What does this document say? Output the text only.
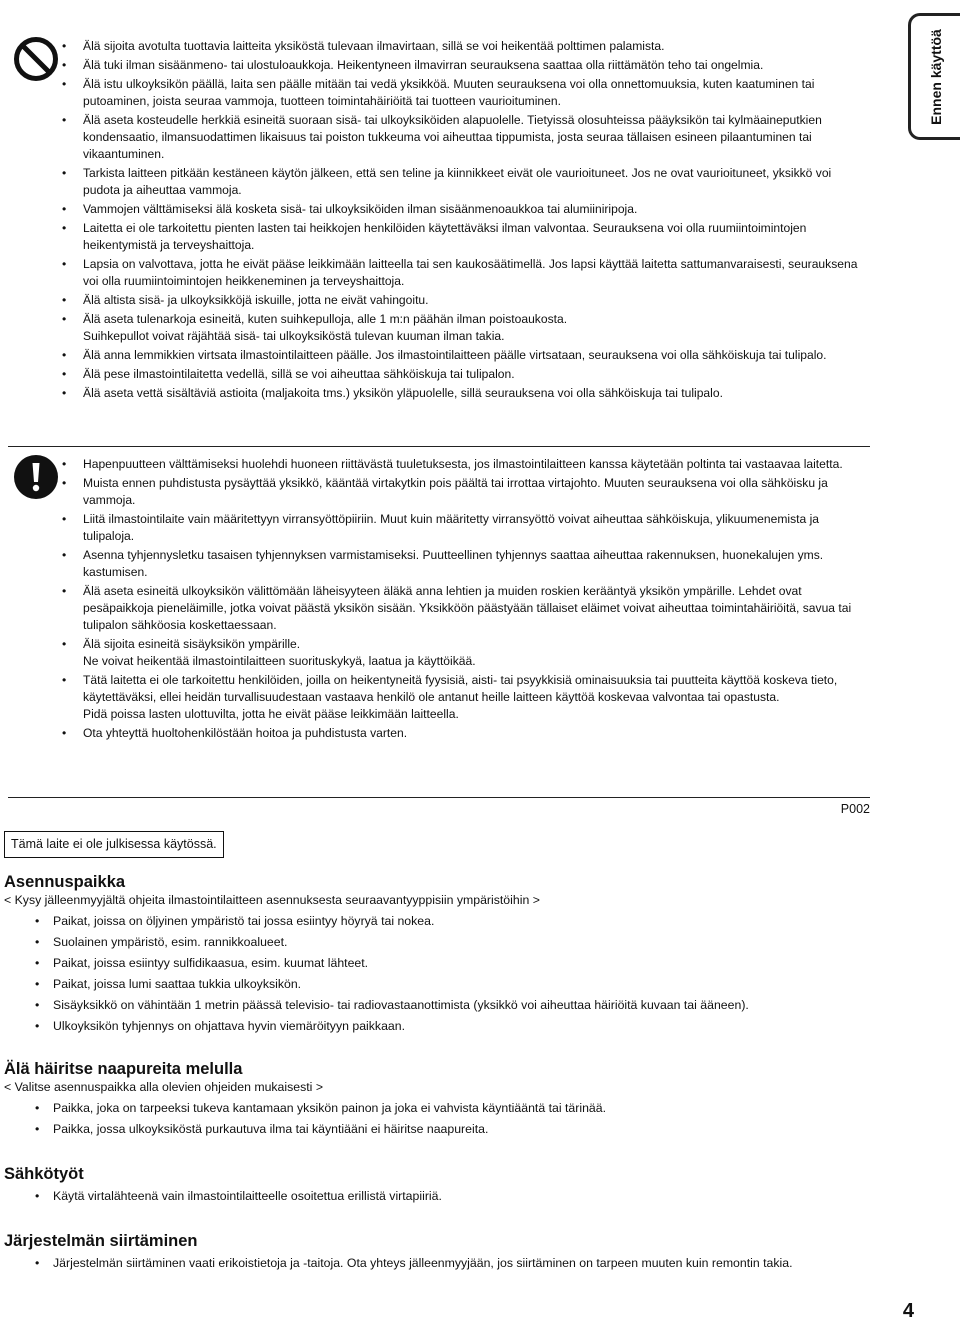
Ennen käyttöä
• Älä sijoita avotulta tuottavia laitteita yksiköstä tulevaan ilmavirtaan, sillä se voi heikentää polttimen palamista.
• Älä tuki ilman sisäänmeno- tai ulostuloaukkoja. Heikentyneen ilmavirran seurauksena saattaa olla riittämätön teho tai ongelmia.
• Älä istu ulkoyksikön päällä, laita sen päälle mitään tai vedä yksikköä. Muuten seurauksena voi olla onnettomuuksia, kuten kaatuminen tai putoaminen, joista seuraa vammoja, tuotteen toimintahäiriöitä tai tuotteen vaurioituminen.
• Älä aseta kosteudelle herkkiä esineitä suoraan sisä- tai ulkoyksiköiden alapuolelle. Tietyissä olosuhteissa pääyksikön tai kylmäaineputkien kondensaatio, ilmansuodattimen likaisuus tai poiston tukkeuma voi aiheuttaa tippumista, josta seuraa tällaisen esineen pilaantuminen tai vikaantuminen.
• Tarkista laitteen pitkään kestäneen käytön jälkeen, että sen teline ja kiinnikkeet eivät ole vaurioituneet. Jos ne ovat vaurioituneet, yksikkö voi pudota ja aiheuttaa vammoja.
• Vammojen välttämiseksi älä kosketa sisä- tai ulkoyksiköiden ilman sisäänmenoaukkoa tai alumiiniripoja.
• Laitetta ei ole tarkoitettu pienten lasten tai heikkojen henkilöiden käytettäväksi ilman valvontaa. Seurauksena voi olla ruumiintoimintojen heikentymistä ja terveyshaittoja.
• Lapsia on valvottava, jotta he eivät pääse leikkimään laitteella tai sen kaukosäätimellä. Jos lapsi käyttää laitetta sattumanvaraisesti, seurauksena voi olla ruumiintoimintojen heikkeneminen ja terveyshaittoja.
• Älä altista sisä- ja ulkoyksikköjä iskuille, jotta ne eivät vahingoitu.
• Älä aseta tulenarkoja esineitä, kuten suihkepulloja, alle 1 m:n päähän ilman poistoaukosta.
Suihkepullot voivat räjähtää sisä- tai ulkoyksiköstä tulevan kuuman ilman takia.
• Älä anna lemmikkien virtsata ilmastointilaitteen päälle. Jos ilmastointilaitteen päälle virtsataan, seurauksena voi olla sähköiskuja tai tulipalo.
• Älä pese ilmastointilaitetta vedellä, sillä se voi aiheuttaa sähköiskuja tai tulipalon.
• Älä aseta vettä sisältäviä astioita (maljakoita tms.) yksikön yläpuolelle, sillä seurauksena voi olla sähköiskuja tai tulipalo.
• Hapenpuutteen välttämiseksi huolehdi huoneen riittävästä tuuletuksesta, jos ilmastointilaitteen kanssa käytetään poltinta tai vastaavaa laitetta.
• Muista ennen puhdistusta pysäyttää yksikkö, kääntää virtakytkin pois päältä tai irrottaa virtajohto. Muuten seurauksena voi olla sähköisku ja vammoja.
• Liitä ilmastointilaite vain määritettyyn virransyöttöpiiriin. Muut kuin määritetty virransyöttö voivat aiheuttaa sähköiskuja, ylikuumenemista ja tulipaloja.
• Asenna tyhjennysletku tasaisen tyhjennyksen varmistamiseksi. Puutteellinen tyhjennys saattaa aiheuttaa rakennuksen, huonekalujen yms. kastumisen.
• Älä aseta esineitä ulkoyksikön välittömään läheisyyteen äläkä anna lehtien ja muiden roskien kerääntyä yksikön ympärille. Lehdet ovat pesäpaikkoja pieneläimille, jotka voivat päästä yksikön sisään. Yksikköön päästyään tällaiset eläimet voivat aiheuttaa toimintahäiriöitä, savua tai tulipalon sähköosia koskettaessaan.
• Älä sijoita esineitä sisäyksikön ympärille.
Ne voivat heikentää ilmastointilaitteen suorituskykyä, laatua ja käyttöikää.
• Tätä laitetta ei ole tarkoitettu henkilöiden, joilla on heikentyneitä fyysisiä, aisti- tai psyykkisiä ominaisuuksia tai puutteita käyttöä koskeva tieto, käytettäväksi, ellei heidän turvallisuudestaan vastaava henkilö ole antanut heille laitteen käyttöä koskevaa valvontaa tai opastusta.
Pidä poissa lasten ulottuvilta, jotta he eivät pääse leikkimään laitteella.
• Ota yhteyttä huoltohenkilöstään hoitoa ja puhdistusta varten.
P002
Tämä laite ei ole julkisessa käytössä.
Asennuspaikka
< Kysy jälleenmyyjältä ohjeita ilmastointilaitteen asennuksesta seuraavantyyppisiin ympäristöihin >
• Paikat, joissa on öljyinen ympäristö tai jossa esiintyy höyryä tai nokea.
• Suolainen ympäristö, esim. rannikkoalueet.
• Paikat, joissa esiintyy sulfidikaasua, esim. kuumat lähteet.
• Paikat, joissa lumi saattaa tukkia ulkoyksikön.
• Sisäyksikkö on vähintään 1 metrin päässä televisio- tai radiovastaanottimista (yksikkö voi aiheuttaa häiriöitä kuvaan tai ääneen).
• Ulkoyksikön tyhjennys on ohjattava hyvin viemäröityyn paikkaan.
Älä häiritse naapureita melulla
< Valitse asennuspaikka alla olevien ohjeiden mukaisesti >
• Paikka, joka on tarpeeksi tukeva kantamaan yksikön painon ja joka ei vahvista käyntiääntä tai tärinää.
• Paikka, jossa ulkoyksiköstä purkautuva ilma tai käyntiääni ei häiritse naapureita.
Sähkötyöt
• Käytä virtalähteenä vain ilmastointilaitteelle osoitettua erillistä virtapiiriä.
Järjestelmän siirtäminen
• Järjestelmän siirtäminen vaati erikoistietoja ja -taitoja. Ota yhteys jälleenmyyjään, jos siirtäminen on tarpeen muuten kuin remontin takia.
4
